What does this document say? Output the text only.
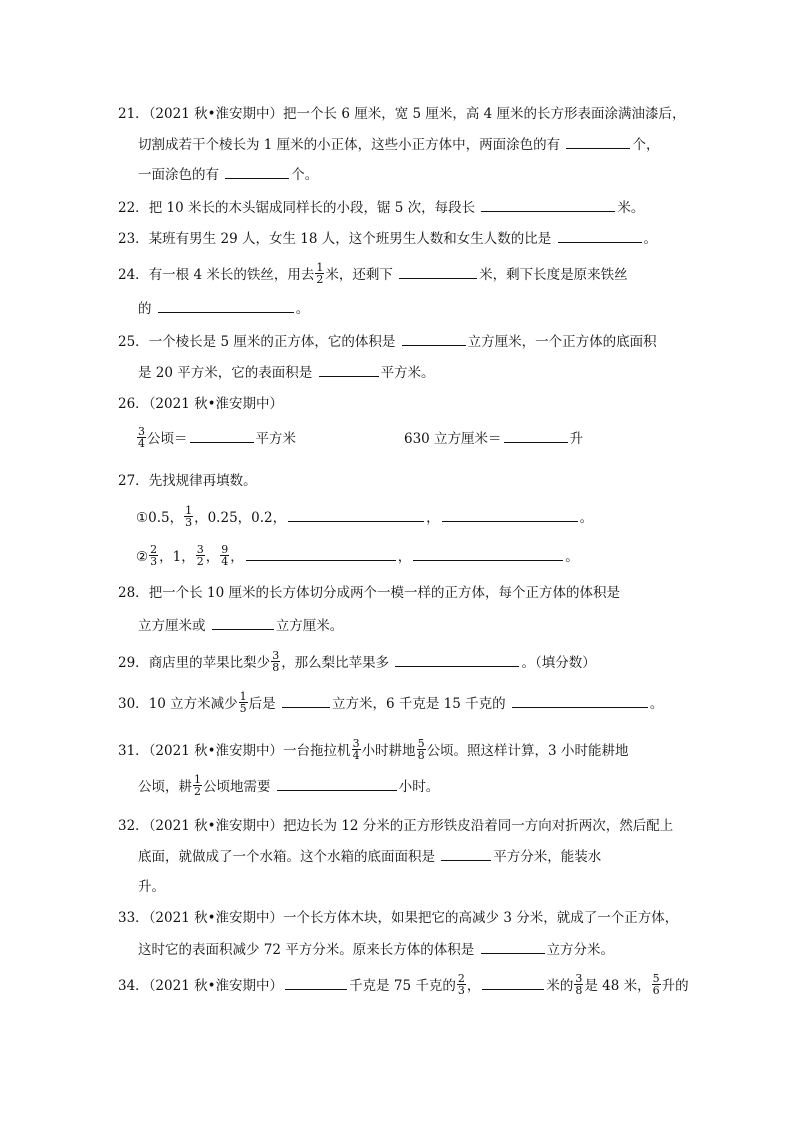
21．（2021 秋•淮安期中）把一个长 6 厘米，宽 5 厘米，高 4 厘米的长方形表面涂满油漆后，
切割成若干个棱长为 1 厘米的小正体，这些小正方体中，两面涂色的有	个，
一面涂色的有	个。
22．把 10 米长的木头锯成同样长的小段，锯 5 次，每段长	米。
23．某班有男生 29 人，女生 18 人，这个班男生人数和女生人数的比是	。
24．有一根 4 米长的铁丝，用去 $\frac{1}{2}$ 米，还剩下	米，剩下长度是原来铁丝
的	。
25．一个棱长是 5 厘米的正方体，它的体积是	立方厘米，一个正方体的底面积
是 20 平方米，它的表面积是	平方米。
26．（2021 秋•淮安期中）
$\frac{3}{4}$ 公顷＝	平方米	630 立方厘米＝	升
27．先找规律再填数。
①0.5， $\frac{1}{3}$ ，0.25，0.2，	，	。
② $\frac{2}{3}$ ，1， $\frac{3}{2}$ ， $\frac{9}{4}$ ，	，	。
28．把一个长 10 厘米的长方体切分成两个一模一样的正方体，每个正方体的体积是
立方厘米或	立方厘米。
29．商店里的苹果比梨少 $\frac{3}{8}$ ，那么梨比苹果多	。（填分数）
30．10 立方米减少 $\frac{1}{5}$ 后是	立方米，6 千克是 15 千克的	。
31．（2021 秋•淮安期中）一台拖拉机 $\frac{3}{4}$ 小时耕地 $\frac{5}{8}$ 公顷。照这样计算，3 小时能耕地
公顷，耕 $\frac{1}{2}$ 公顷地需要	小时。
32．（2021 秋•淮安期中）把边长为 12 分米的正方形铁皮沿着同一方向对折两次，然后配上
底面，就做成了一个水箱。这个水箱的底面面积是	平方分米，能装水
升。
33．（2021 秋•淮安期中）一个长方体木块，如果把它的高减少 3 分米，就成了一个正方体，
这时它的表面积减少 72 平方分米。原来长方体的体积是	立方分米。
34．（2021 秋•淮安期中）	千克是 75 千克的 $\frac{2}{3}$ ，	米的 $\frac{3}{8}$ 是 48 米， $\frac{5}{6}$ 升的
